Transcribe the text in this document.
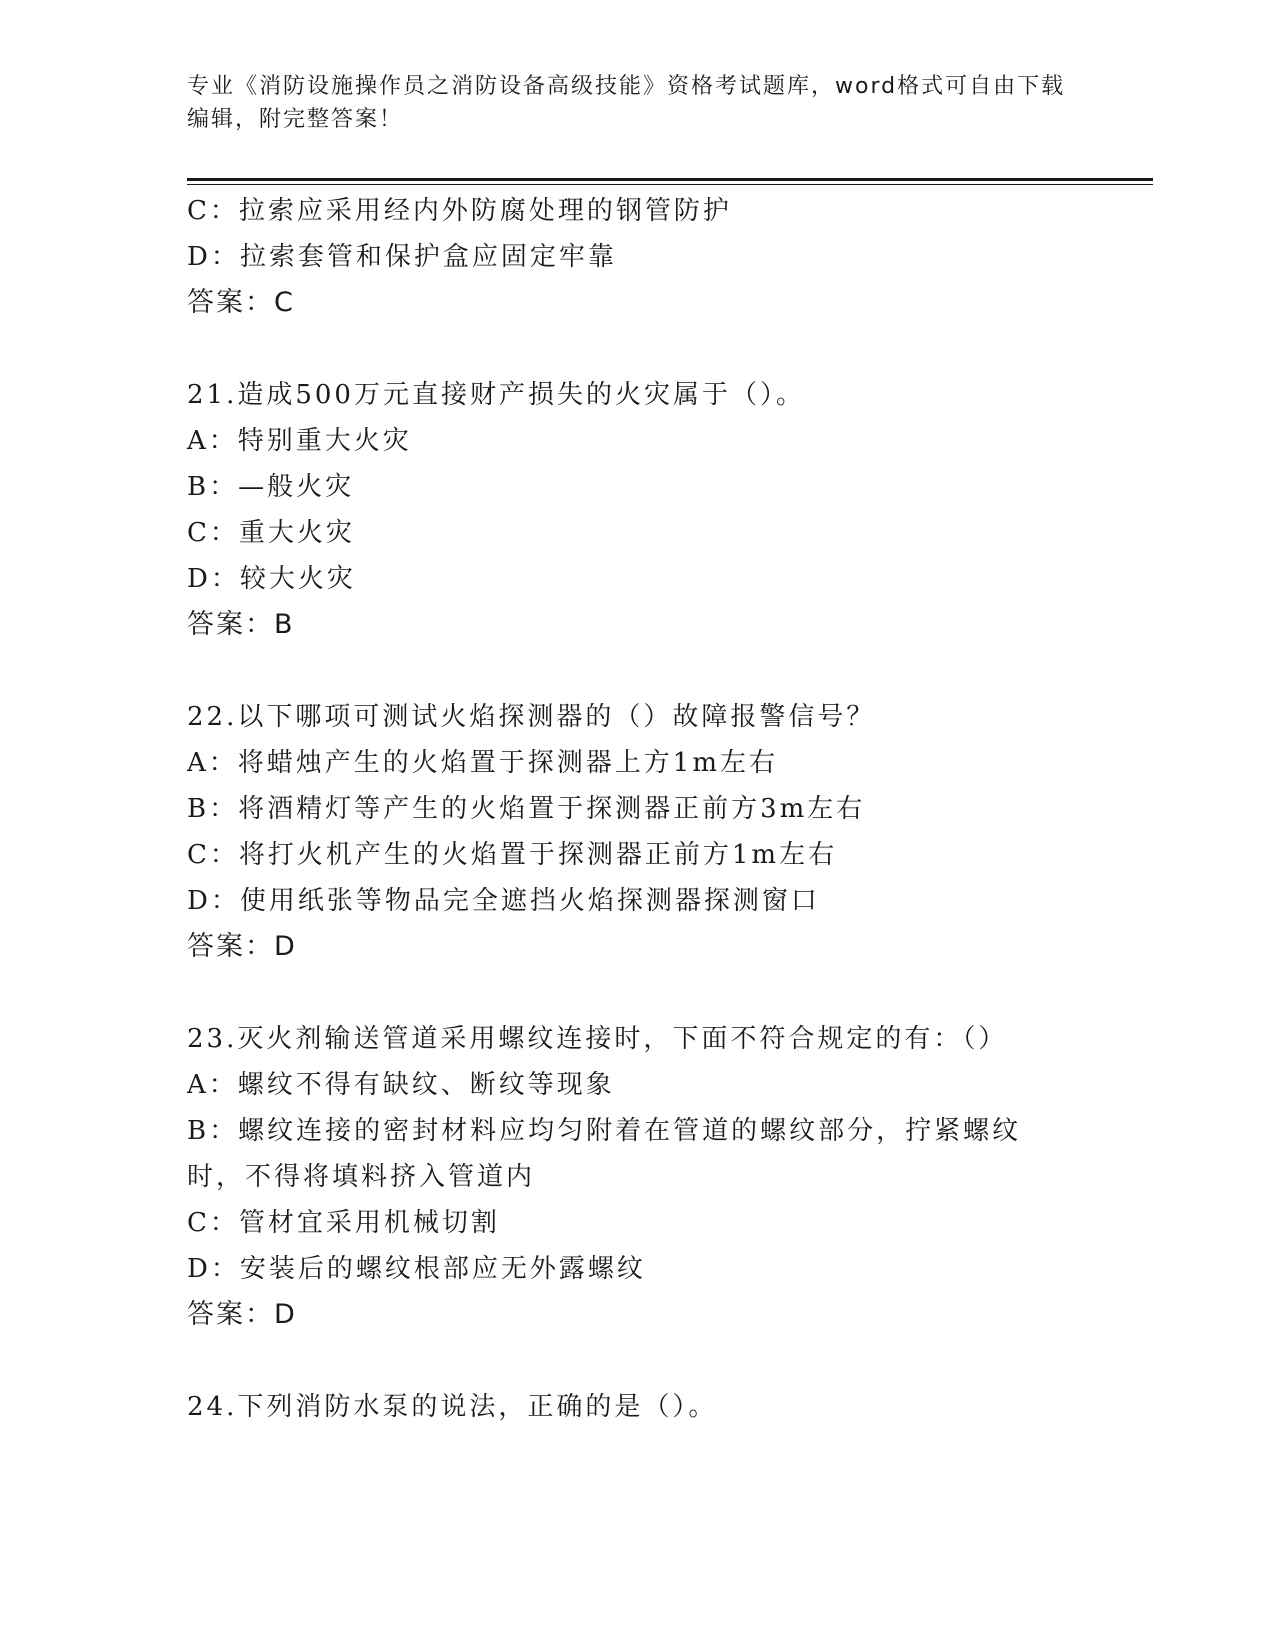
专业《消防设施操作员之消防设备高级技能》资格考试题库，word格式可自由下载编辑，附完整答案！
C：拉索应采用经内外防腐处理的钢管防护
D：拉索套管和保护盒应固定牢靠
答案：C
21.造成500万元直接财产损失的火灾属于（）。
A：特别重大火灾
B：—般火灾
C：重大火灾
D：较大火灾
答案：B
22.以下哪项可测试火焰探测器的（）故障报警信号？
A：将蜡烛产生的火焰置于探测器上方1m左右
B：将酒精灯等产生的火焰置于探测器正前方3m左右
C：将打火机产生的火焰置于探测器正前方1m左右
D：使用纸张等物品完全遮挡火焰探测器探测窗口
答案：D
23.灭火剂输送管道采用螺纹连接时，下面不符合规定的有：（）
A：螺纹不得有缺纹、断纹等现象
B：螺纹连接的密封材料应均匀附着在管道的螺纹部分，拧紧螺纹时，不得将填料挤入管道内
C：管材宜采用机械切割
D：安装后的螺纹根部应无外露螺纹
答案：D
24.下列消防水泵的说法，正确的是（）。
